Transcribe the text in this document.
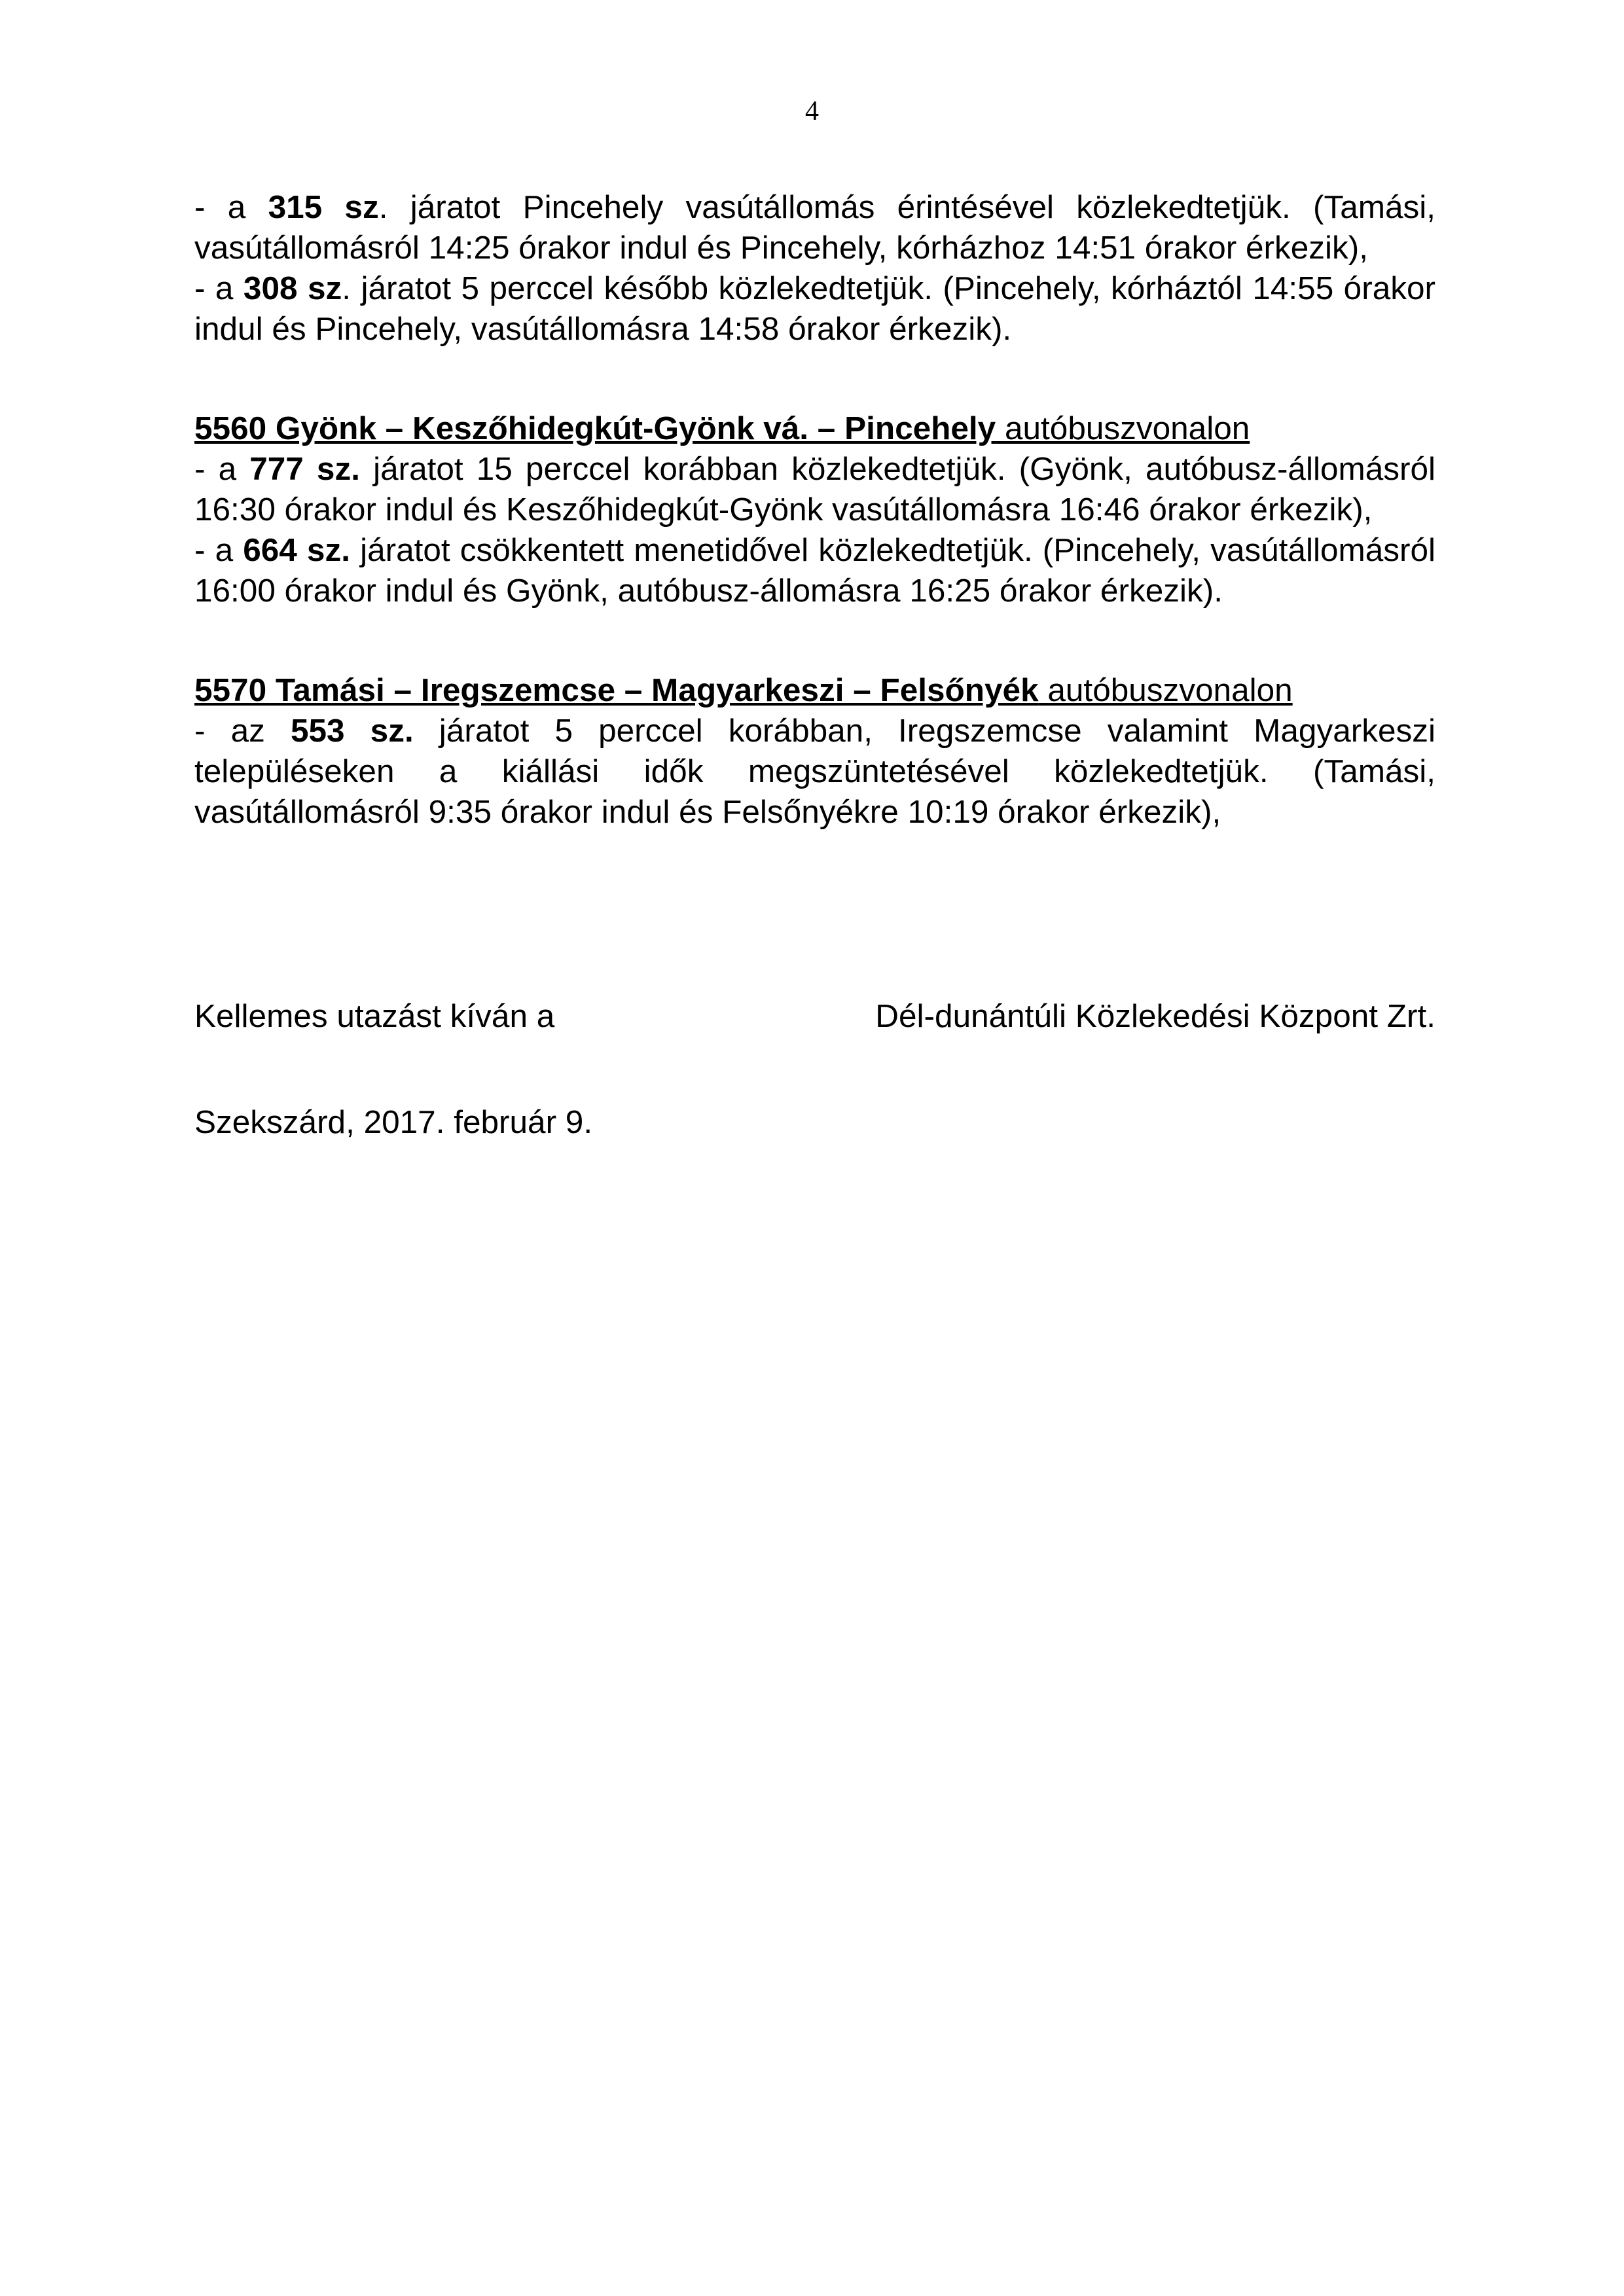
4
- a 315 sz. járatot Pincehely vasútállomás érintésével közlekedtetjük. (Tamási,
vasútállomásról 14:25 órakor indul és Pincehely, kórházhoz 14:51 órakor érkezik),
- a 308 sz. járatot 5 perccel később közlekedtetjük. (Pincehely, kórháztól 14:55 órakor
indul és Pincehely, vasútállomásra 14:58 órakor érkezik).
5560 Gyönk – Keszőhidegkút-Gyönk vá. – Pincehely autóbuszvonalon
- a 777 sz. járatot 15 perccel korábban közlekedtetjük. (Gyönk, autóbusz-állomásról
16:30 órakor indul és Keszőhidegkút-Gyönk vasútállomásra 16:46 órakor érkezik),
- a 664 sz. járatot csökkentett menetidővel közlekedtetjük. (Pincehely, vasútállomásról
16:00 órakor indul és Gyönk, autóbusz-állomásra 16:25 órakor érkezik).
5570 Tamási – Iregszemcse – Magyarkeszi – Felsőnyék autóbuszvonalon
- az 553 sz. járatot 5 perccel korábban, Iregszemcse valamint Magyarkeszi
településeken a kiállási idők megszüntetésével közlekedtetjük. (Tamási,
vasútállomásról 9:35 órakor indul és Felsőnyékre 10:19 órakor érkezik),
Kellemes utazást kíván a	Dél-dunántúli Közlekedési Központ Zrt.
Szekszárd, 2017. február 9.
